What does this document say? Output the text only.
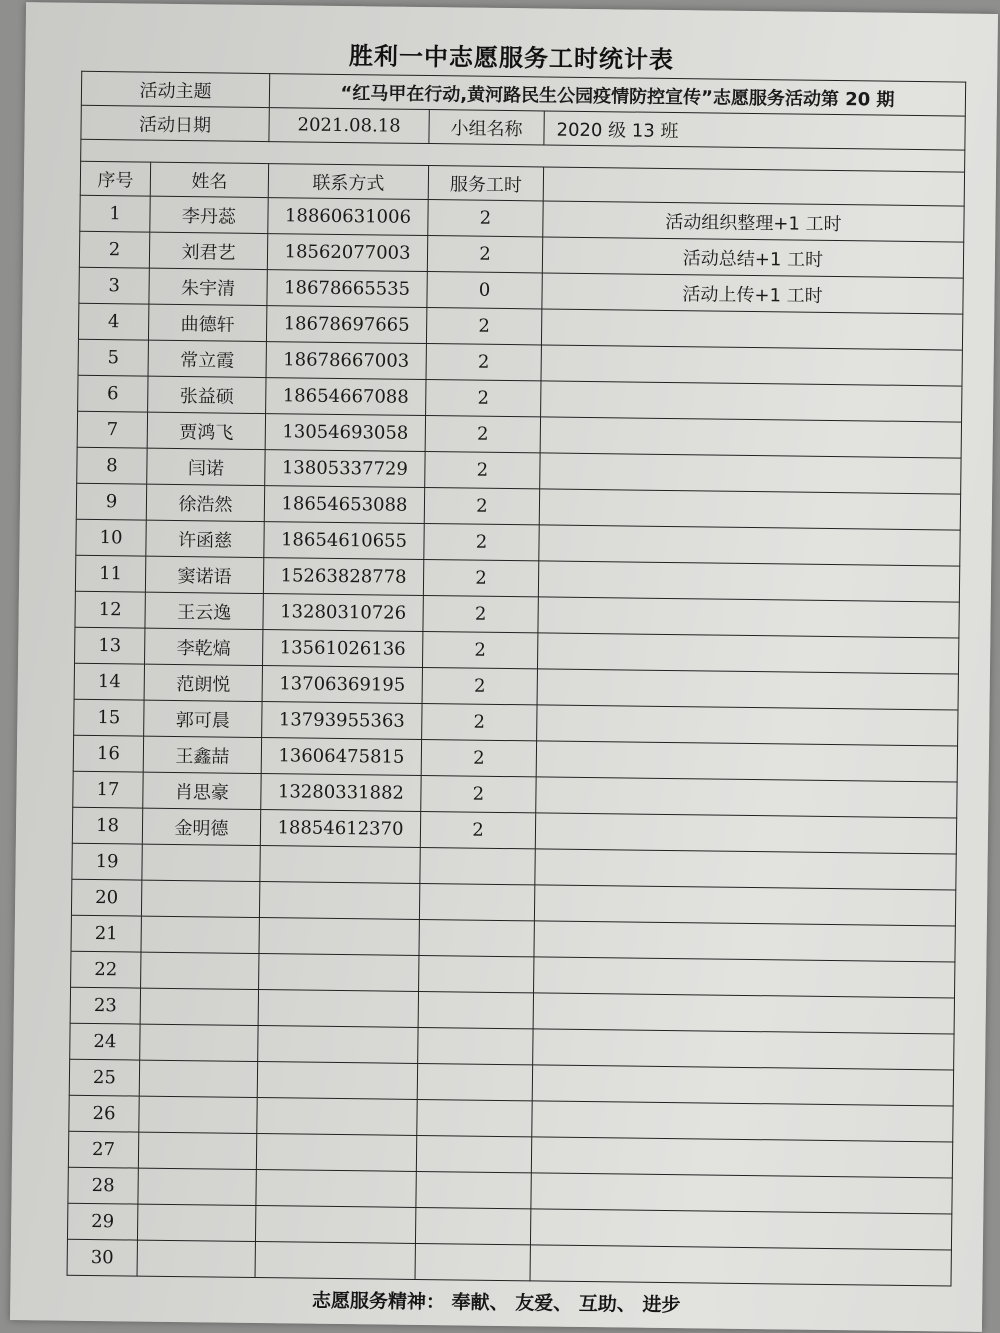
胜利一中志愿服务工时统计表
活动主题		“红马甲在行动,黄河路民生公园疫情防控宣传”志愿服务活动第 20 期		
活动日期		2021.08.18	小组名称	2020 级 13 班

序号	姓名	联系方式	服务工时	
1	李丹蕊	18860631006	2	活动组织整理+1 工时
2	刘君艺	18562077003	2	活动总结+1 工时
3	朱宇清	18678665535	0	活动上传+1 工时
4	曲德轩	18678697665	2	
5	常立霞	18678667003	2	
6	张益硕	18654667088	2	
7	贾鸿飞	13054693058	2	
8	闫诺	13805337729	2	
9	徐浩然	18654653088	2	
10	许函慈	18654610655	2	
11	窦诺语	15263828778	2	
12	王云逸	13280310726	2	
13	李乾熇	13561026136	2	
14	范朗悦	13706369195	2	
15	郭可晨	13793955363	2	
16	王鑫喆	13606475815	2	
17	肖思豪	13280331882	2	
18	金明德	18854612370	2	
19				
20				
21				
22				
23				
24				
25				
26				
27				
28				
29				
30				
志愿服务精神： 奉献、 友爱、 互助、 进步
